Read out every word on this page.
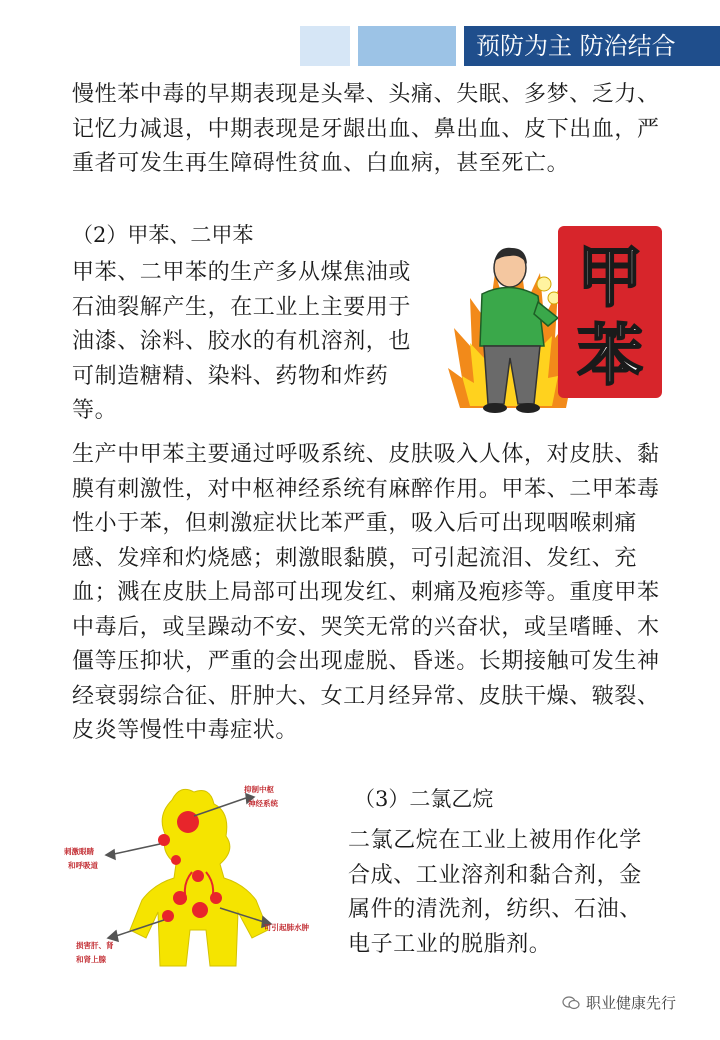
预防为主 防治结合

慢性苯中毒的早期表现是头晕、头痛、失眠、多梦、乏力、记忆力减退，中期表现是牙龈出血、鼻出血、皮下出血，严重者可发生再生障碍性贫血、白血病，甚至死亡。

（2）甲苯、二甲苯

甲苯、二甲苯的生产多从煤焦油或石油裂解产生，在工业上主要用于油漆、涂料、胶水的有机溶剂，也可制造糖精、染料、药物和炸药等。

甲
苯

生产中甲苯主要通过呼吸系统、皮肤吸入人体，对皮肤、黏膜有刺激性，对中枢神经系统有麻醉作用。甲苯、二甲苯毒性小于苯，但刺激症状比苯严重，吸入后可出现咽喉刺痛感、发痒和灼烧感；刺激眼黏膜，可引起流泪、发红、充血；溅在皮肤上局部可出现发红、刺痛及疱疹等。重度甲苯中毒后，或呈躁动不安、哭笑无常的兴奋状，或呈嗜睡、木僵等压抑状，严重的会出现虚脱、昏迷。长期接触可发生神经衰弱综合征、肝肿大、女工月经异常、皮肤干燥、皲裂、皮炎等慢性中毒症状。

抑制中枢
神经系统
刺激眼睛
和呼吸道
可引起肺水肿
损害肝、肾
和肾上腺

（3）二氯乙烷

二氯乙烷在工业上被用作化学合成、工业溶剂和黏合剂，金属件的清洗剂，纺织、石油、电子工业的脱脂剂。

职业健康先行
